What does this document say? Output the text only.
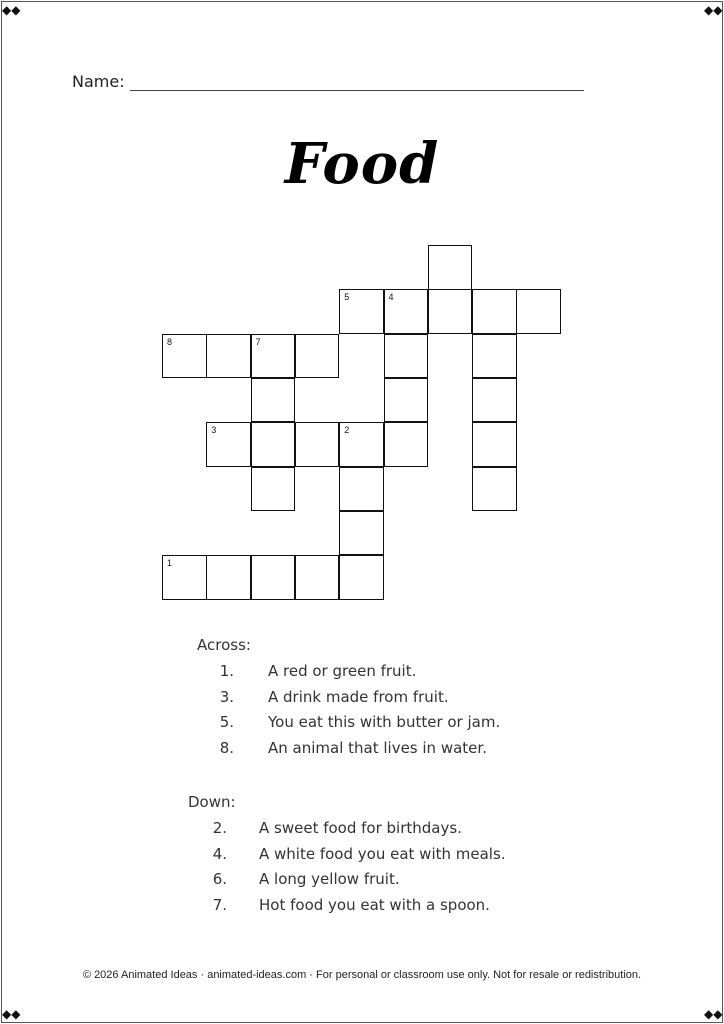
◆◆	◆◆
◆◆	◆◆
Name:
Food
5	4
8	7
3	2
1
Across:
1. A red or green fruit.
3. A drink made from fruit.
5. You eat this with butter or jam.
8. An animal that lives in water.
Down:
2. A sweet food for birthdays.
4. A white food you eat with meals.
6. A long yellow fruit.
7. Hot food you eat with a spoon.
© 2026 Animated Ideas · animated-ideas.com · For personal or classroom use only. Not for resale or redistribution.
